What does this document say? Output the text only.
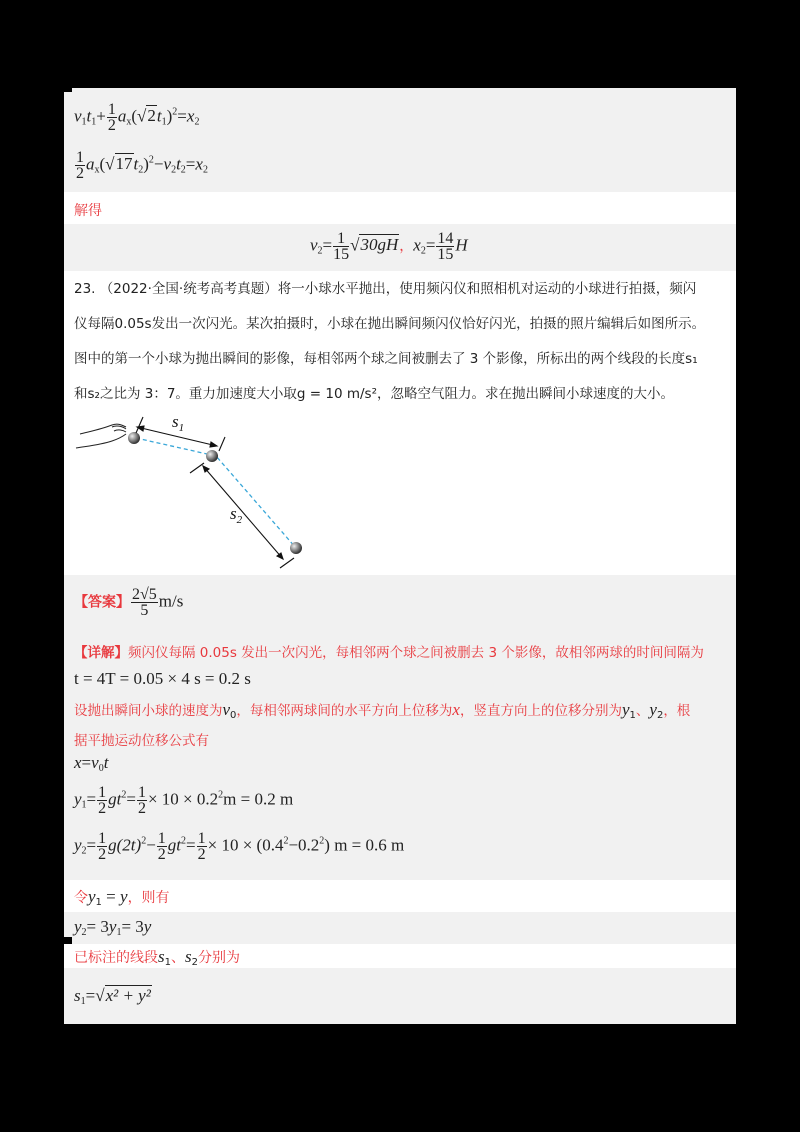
$v_1t_1+ \frac{1}{2} a_x(√2t_1)^2=x_2$
$\frac{1}{2} a_x(√17t_2)^2-v_2t_2=x_2$
解得
$v_2= \frac{1}{15} √30gH$，$x_2= \frac{14}{15}$ H
23. （2022·全国·统考高考真题）将一小球水平抛出，使用频闪仪和照相机对运动的小球进行拍摄，频闪
仪每隔0.05s发出一次闪光。某次拍摄时，小球在抛出瞬间频闪仪恰好闪光，拍摄的照片编辑后如图所示。
图中的第一个小球为抛出瞬间的影像，每相邻两个球之间被删去了 3 个影像，所标出的两个线段的长度s₁
和s₂之比为 3：7。重力加速度大小取g = 10 m/s²，忽略空气阻力。求在抛出瞬间小球速度的大小。
$s_1$
$s_2$
【答案】 $\frac{2√5}{5} m/s$
【详解】频闪仪每隔 0.05s 发出一次闪光，每相邻两个球之间被删去 3 个影像，故相邻两球的时间间隔为
t = 4T = 0.05 × 4 s = 0.2 s
设抛出瞬间小球的速度为$v_0$，每相邻两球间的水平方向上位移为x，竖直方向上的位移分别为$y_1$、$y_2$，根
据平抛运动位移公式有
$x=v_0t$
$y_1= \frac{1}{2} gt^2= \frac{1}{2} \times 10 \times 0.2^2m = 0.2$ m
$y_2= \frac{1}{2} g(2t)^2- \frac{1}{2} gt^2= \frac{1}{2} \times 10 \times (0.4^2-0.2^2) m = 0.6$ m
令$y_1 = y$，则有
$y_2= 3y_1= 3y$
已标注的线段$s_1$、$s_2$分别为
$s_1=√x^2 + y^2$
